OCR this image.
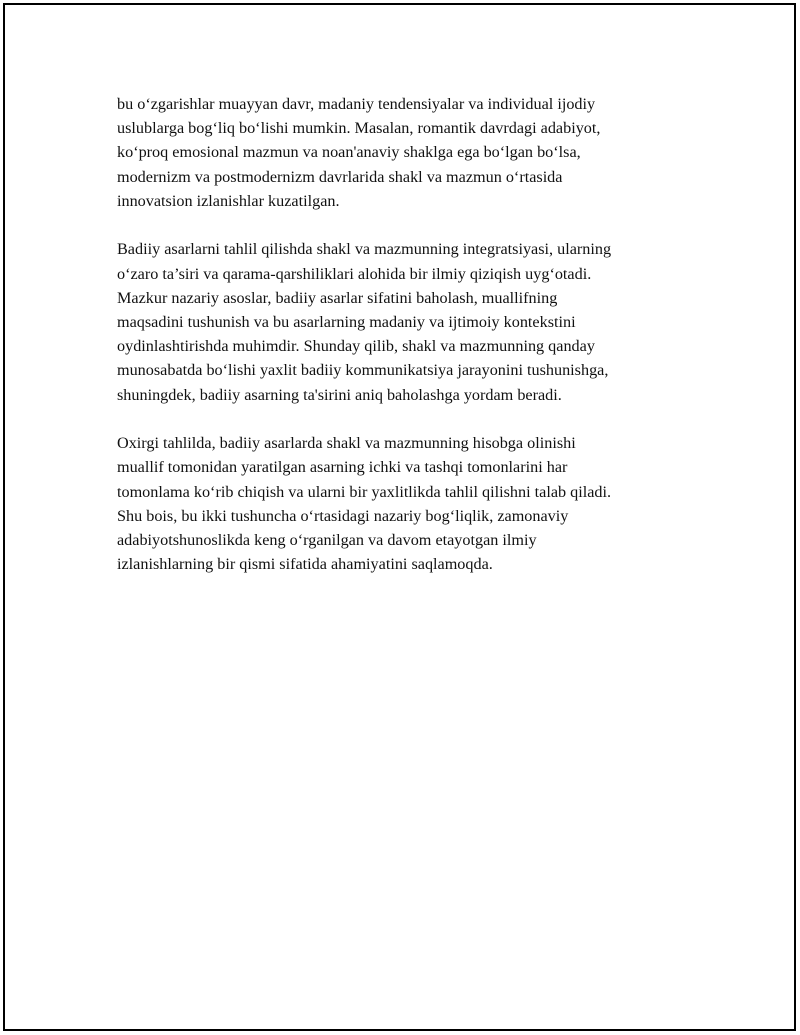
bu o‘zgarishlar muayyan davr, madaniy tendensiyalar va individual ijodiy
uslublarga bog‘liq bo‘lishi mumkin. Masalan, romantik davrdagi adabiyot,
ko‘proq emosional mazmun va noan'anaviy shaklga ega bo‘lgan bo‘lsa,
modernizm va postmodernizm davrlarida shakl va mazmun o‘rtasida
innovatsion izlanishlar kuzatilgan.

Badiiy asarlarni tahlil qilishda shakl va mazmunning integratsiyasi, ularning
o‘zaro ta’siri va qarama-qarshiliklari alohida bir ilmiy qiziqish uyg‘otadi.
Mazkur nazariy asoslar, badiiy asarlar sifatini baholash, muallifning
maqsadini tushunish va bu asarlarning madaniy va ijtimoiy kontekstini
oydinlashtirishda muhimdir. Shunday qilib, shakl va mazmunning qanday
munosabatda bo‘lishi yaxlit badiiy kommunikatsiya jarayonini tushunishga,
shuningdek, badiiy asarning ta'sirini aniq baholashga yordam beradi.

Oxirgi tahlilda, badiiy asarlarda shakl va mazmunning hisobga olinishi
muallif tomonidan yaratilgan asarning ichki va tashqi tomonlarini har
tomonlama ko‘rib chiqish va ularni bir yaxlitlikda tahlil qilishni talab qiladi.
Shu bois, bu ikki tushuncha o‘rtasidagi nazariy bog‘liqlik, zamonaviy
adabiyotshunoslikda keng o‘rganilgan va davom etayotgan ilmiy
izlanishlarning bir qismi sifatida ahamiyatini saqlamoqda.
